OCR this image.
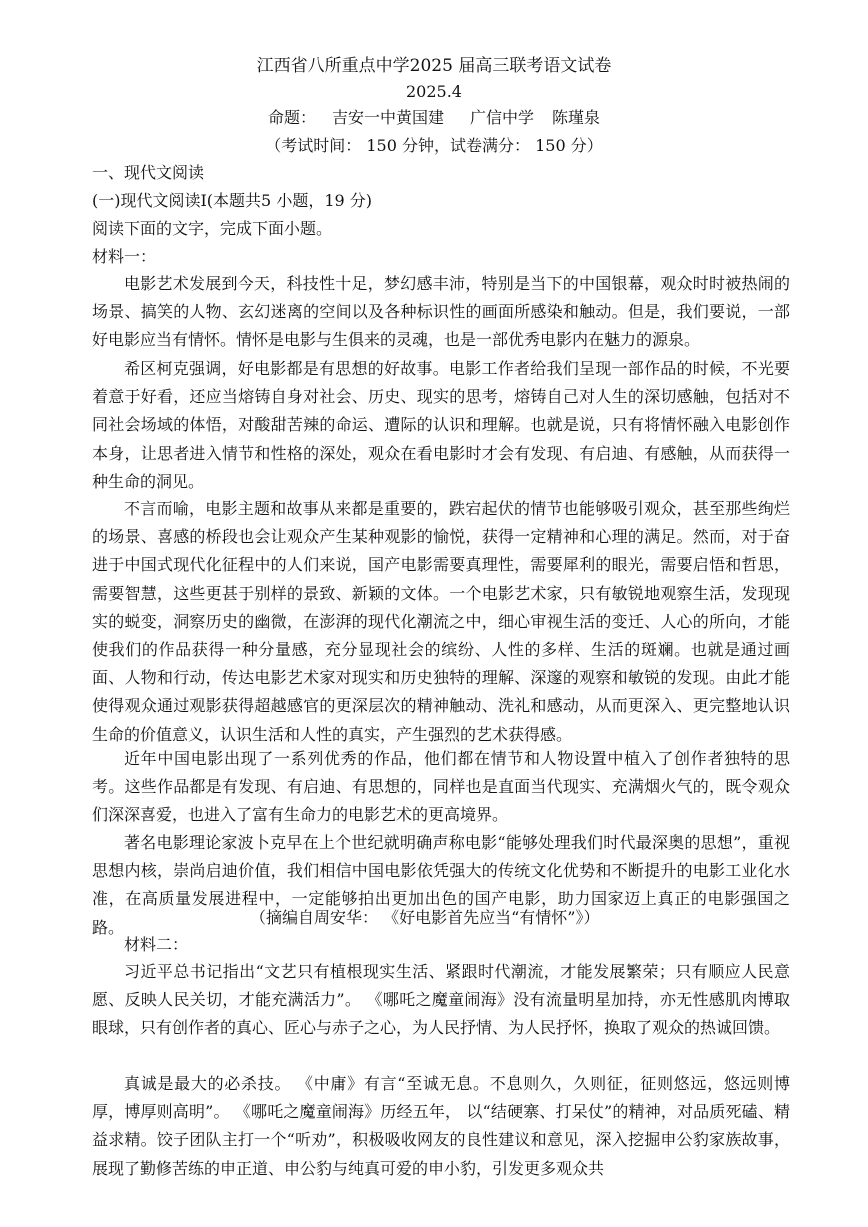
江西省八所重点中学2025 届高三联考语文试卷
2025.4
命题： 吉安一中黄国建 广信中学 陈瑾泉
（考试时间： 150 分钟，试卷满分： 150 分）
一、现代文阅读
(一)现代文阅读Ⅰ(本题共5 小题，19 分)
阅读下面的文字，完成下面小题。
材料一：
电影艺术发展到今天，科技性十足，梦幻感丰沛，特别是当下的中国银幕，观众时时被热闹的场景、搞笑的人物、玄幻迷离的空间以及各种标识性的画面所感染和触动。但是，我们要说，一部好电影应当有情怀。情怀是电影与生俱来的灵魂，也是一部优秀电影内在魅力的源泉。
希区柯克强调，好电影都是有思想的好故事。电影工作者给我们呈现一部作品的时候，不光要着意于好看，还应当熔铸自身对社会、历史、现实的思考，熔铸自己对人生的深切感触，包括对不同社会场域的体悟，对酸甜苦辣的命运、遭际的认识和理解。也就是说，只有将情怀融入电影创作本身，让思者进入情节和性格的深处，观众在看电影时才会有发现、有启迪、有感触，从而获得一种生命的洞见。
不言而喻，电影主题和故事从来都是重要的，跌宕起伏的情节也能够吸引观众，甚至那些绚烂的场景、喜感的桥段也会让观众产生某种观影的愉悦，获得一定精神和心理的满足。然而，对于奋进于中国式现代化征程中的人们来说，国产电影需要真理性，需要犀利的眼光，需要启悟和哲思，需要智慧，这些更甚于别样的景致、新颖的文体。一个电影艺术家，只有敏锐地观察生活，发现现实的蜕变，洞察历史的幽微，在澎湃的现代化潮流之中，细心审视生活的变迁、人心的所向，才能使我们的作品获得一种分量感，充分显现社会的缤纷、人性的多样、生活的斑斓。也就是通过画面、人物和行动，传达电影艺术家对现实和历史独特的理解、深邃的观察和敏锐的发现。由此才能使得观众通过观影获得超越感官的更深层次的精神触动、洗礼和感动，从而更深入、更完整地认识生命的价值意义，认识生活和人性的真实，产生强烈的艺术获得感。
近年中国电影出现了一系列优秀的作品，他们都在情节和人物设置中植入了创作者独特的思考。这些作品都是有发现、有启迪、有思想的，同样也是直面当代现实、充满烟火气的，既令观众们深深喜爱，也进入了富有生命力的电影艺术的更高境界。
著名电影理论家波卜克早在上个世纪就明确声称电影“能够处理我们时代最深奥的思想”，重视思想内核，崇尚启迪价值，我们相信中国电影依凭强大的传统文化优势和不断提升的电影工业化水准，在高质量发展进程中，一定能够拍出更加出色的国产电影，助力国家迈上真正的电影强国之路。
（摘编自周安华： 《好电影首先应当“有情怀”》）
材料二：
习近平总书记指出“文艺只有植根现实生活、紧跟时代潮流，才能发展繁荣；只有顺应人民意愿、反映人民关切，才能充满活力”。 《哪吒之魔童闹海》没有流量明星加持，亦无性感肌肉博取眼球，只有创作者的真心、匠心与赤子之心，为人民抒情、为人民抒怀，换取了观众的热诚回馈。
真诚是最大的必杀技。 《中庸》有言“至诚无息。不息则久，久则征，征则悠远，悠远则博厚，博厚则高明”。 《哪吒之魔童闹海》历经五年， 以“结硬寨、打呆仗”的精神，对品质死磕、精益求精。饺子团队主打一个“听劝”，积极吸收网友的良性建议和意见，深入挖掘申公豹家族故事，展现了勤修苦练的申正道、申公豹与纯真可爱的申小豹，引发更多观众共
